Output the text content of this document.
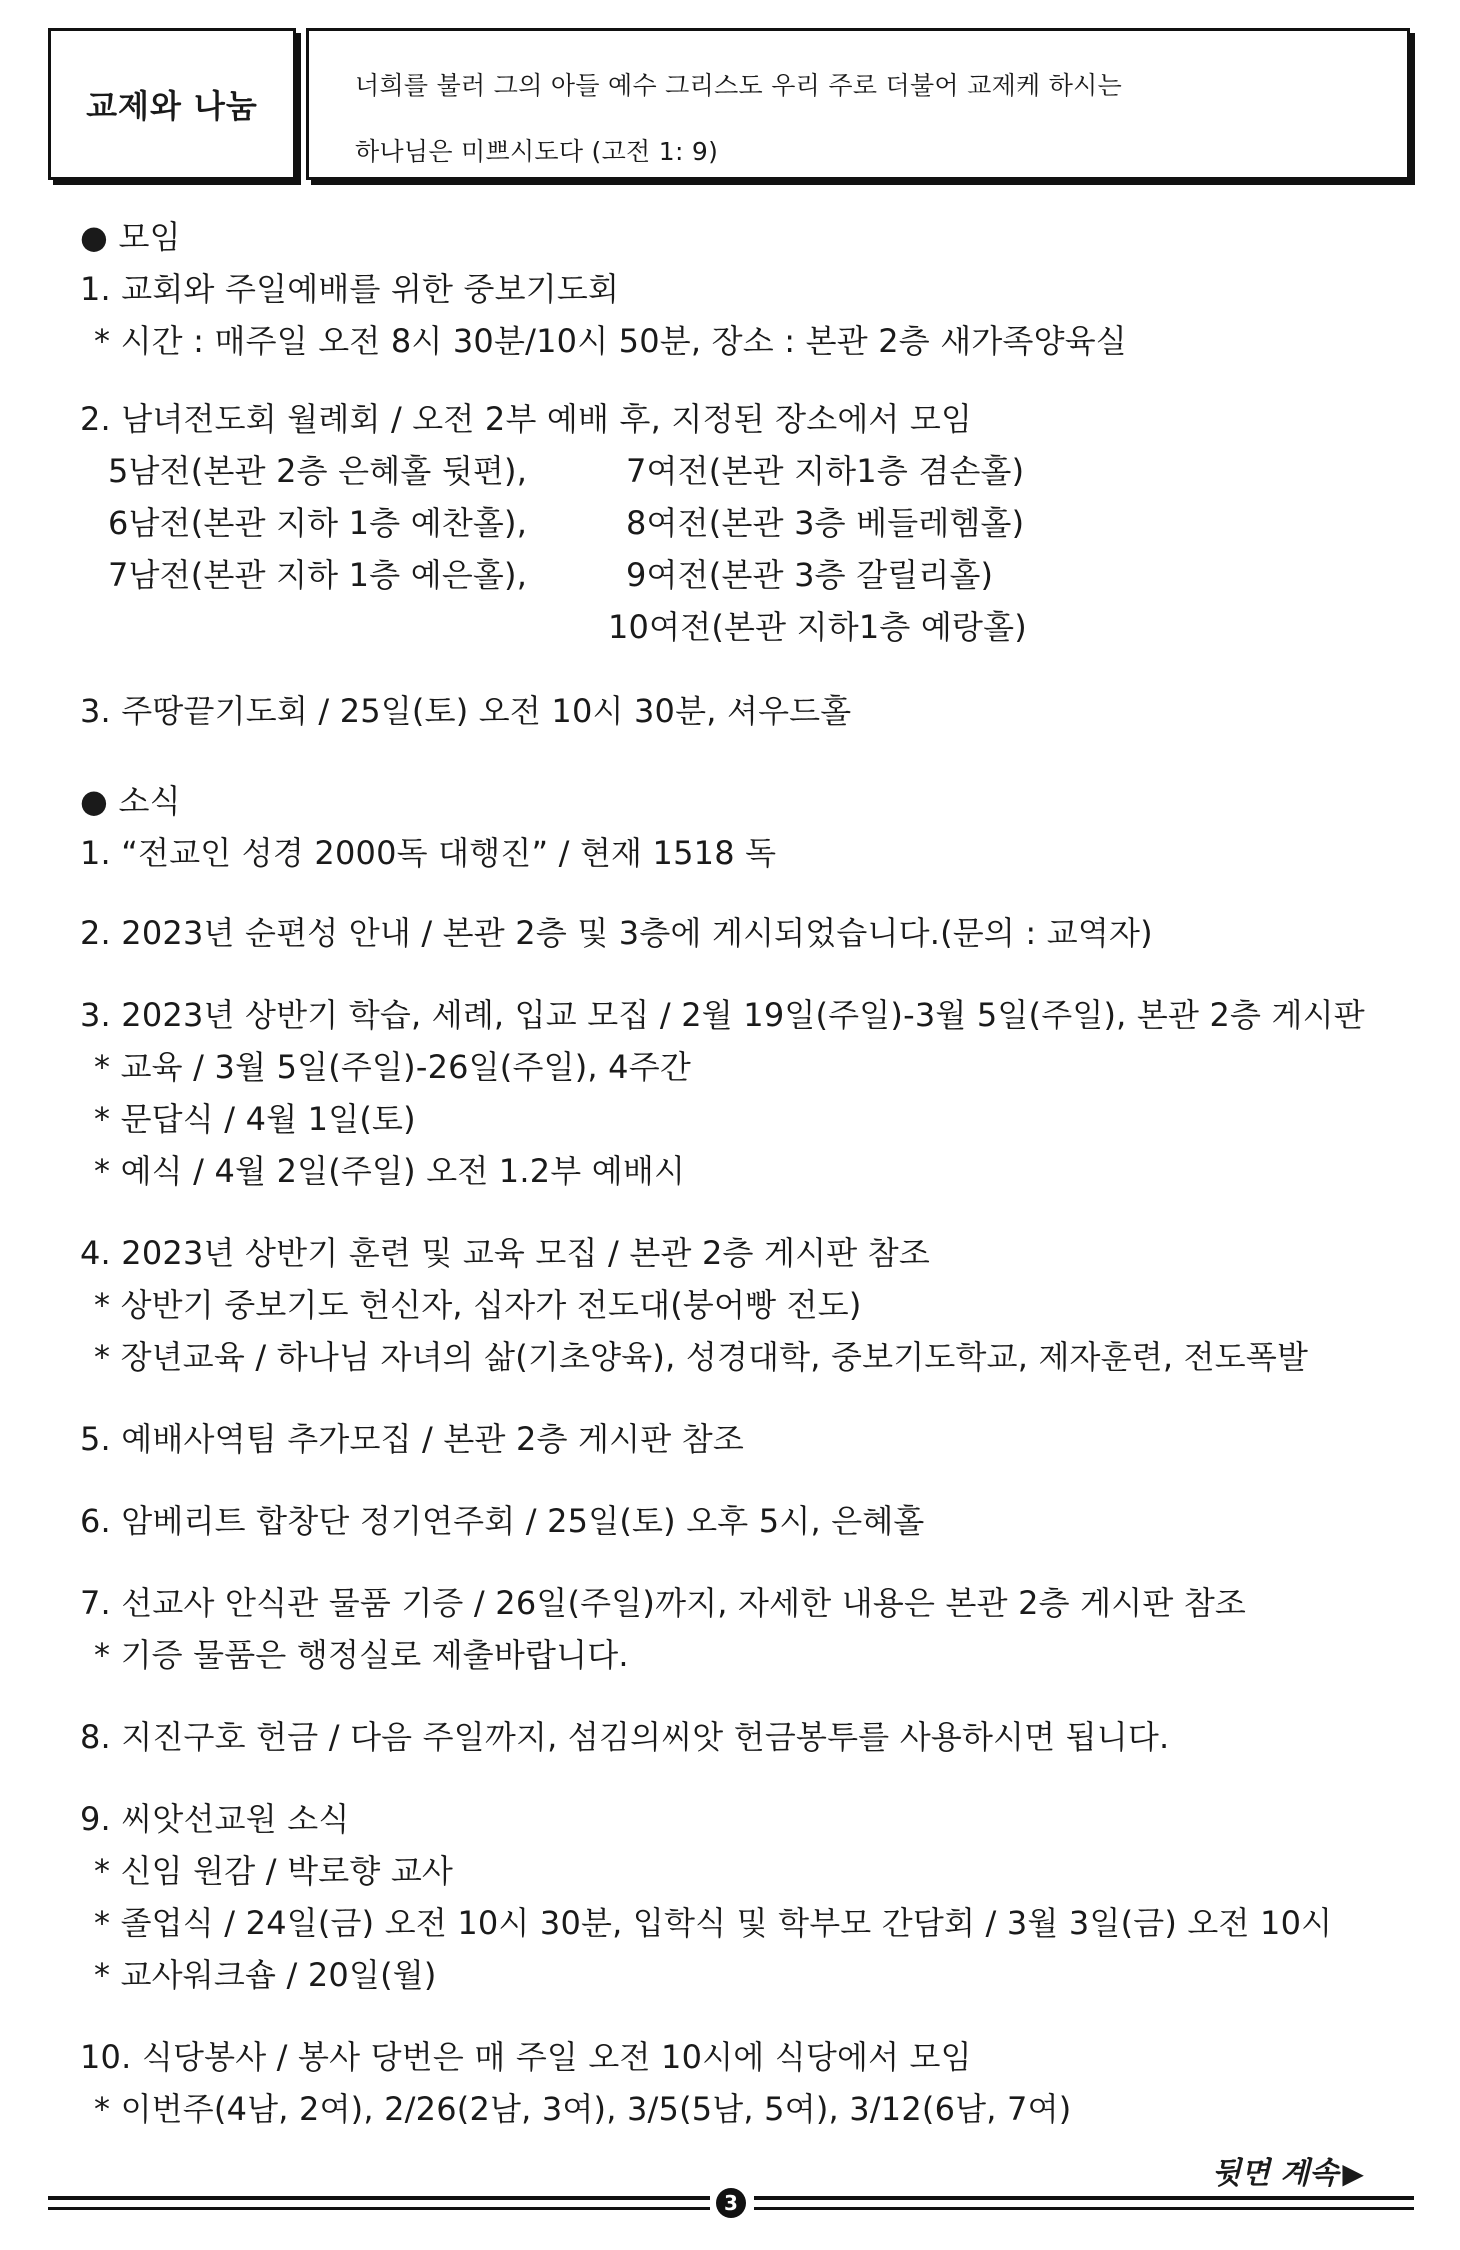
교제와 나눔
너희를 불러 그의 아들 예수 그리스도 우리 주로 더불어 교제케 하시는
하나님은 미쁘시도다 (고전 1: 9)
● 모임
1. 교회와 주일예배를 위한 중보기도회
* 시간 : 매주일 오전 8시 30분/10시 50분, 장소 : 본관 2층 새가족양육실
2. 남녀전도회 월례회 / 오전 2부 예배 후, 지정된 장소에서 모임
5남전(본관 2층 은혜홀 뒷편),
6남전(본관 지하 1층 예찬홀),
7남전(본관 지하 1층 예은홀),
7여전(본관 지하1층 겸손홀)
8여전(본관 3층 베들레헴홀)
9여전(본관 3층 갈릴리홀)
10여전(본관 지하1층 예랑홀)
3. 주땅끝기도회 / 25일(토) 오전 10시 30분, 셔우드홀
● 소식
1. “전교인 성경 2000독 대행진” / 현재 1518 독
2. 2023년 순편성 안내 / 본관 2층 및 3층에 게시되었습니다.(문의 : 교역자)
3. 2023년 상반기 학습, 세례, 입교 모집 / 2월 19일(주일)-3월 5일(주일), 본관 2층 게시판
* 교육 / 3월 5일(주일)-26일(주일), 4주간
* 문답식 / 4월 1일(토)
* 예식 / 4월 2일(주일) 오전 1.2부 예배시
4. 2023년 상반기 훈련 및 교육 모집 / 본관 2층 게시판 참조
* 상반기 중보기도 헌신자, 십자가 전도대(붕어빵 전도)
* 장년교육 / 하나님 자녀의 삶(기초양육), 성경대학, 중보기도학교, 제자훈련, 전도폭발
5. 예배사역팀 추가모집 / 본관 2층 게시판 참조
6. 암베리트 합창단 정기연주회 / 25일(토) 오후 5시, 은혜홀
7. 선교사 안식관 물품 기증 / 26일(주일)까지, 자세한 내용은 본관 2층 게시판 참조
* 기증 물품은 행정실로 제출바랍니다.
8. 지진구호 헌금 / 다음 주일까지, 섬김의씨앗 헌금봉투를 사용하시면 됩니다.
9. 씨앗선교원 소식
* 신임 원감 / 박로향 교사
* 졸업식 / 24일(금) 오전 10시 30분, 입학식 및 학부모 간담회 / 3월 3일(금) 오전 10시
* 교사워크숍 / 20일(월)
10. 식당봉사 / 봉사 당번은 매 주일 오전 10시에 식당에서 모임
* 이번주(4남, 2여), 2/26(2남, 3여), 3/5(5남, 5여), 3/12(6남, 7여)
뒷면 계속 ▶
3
